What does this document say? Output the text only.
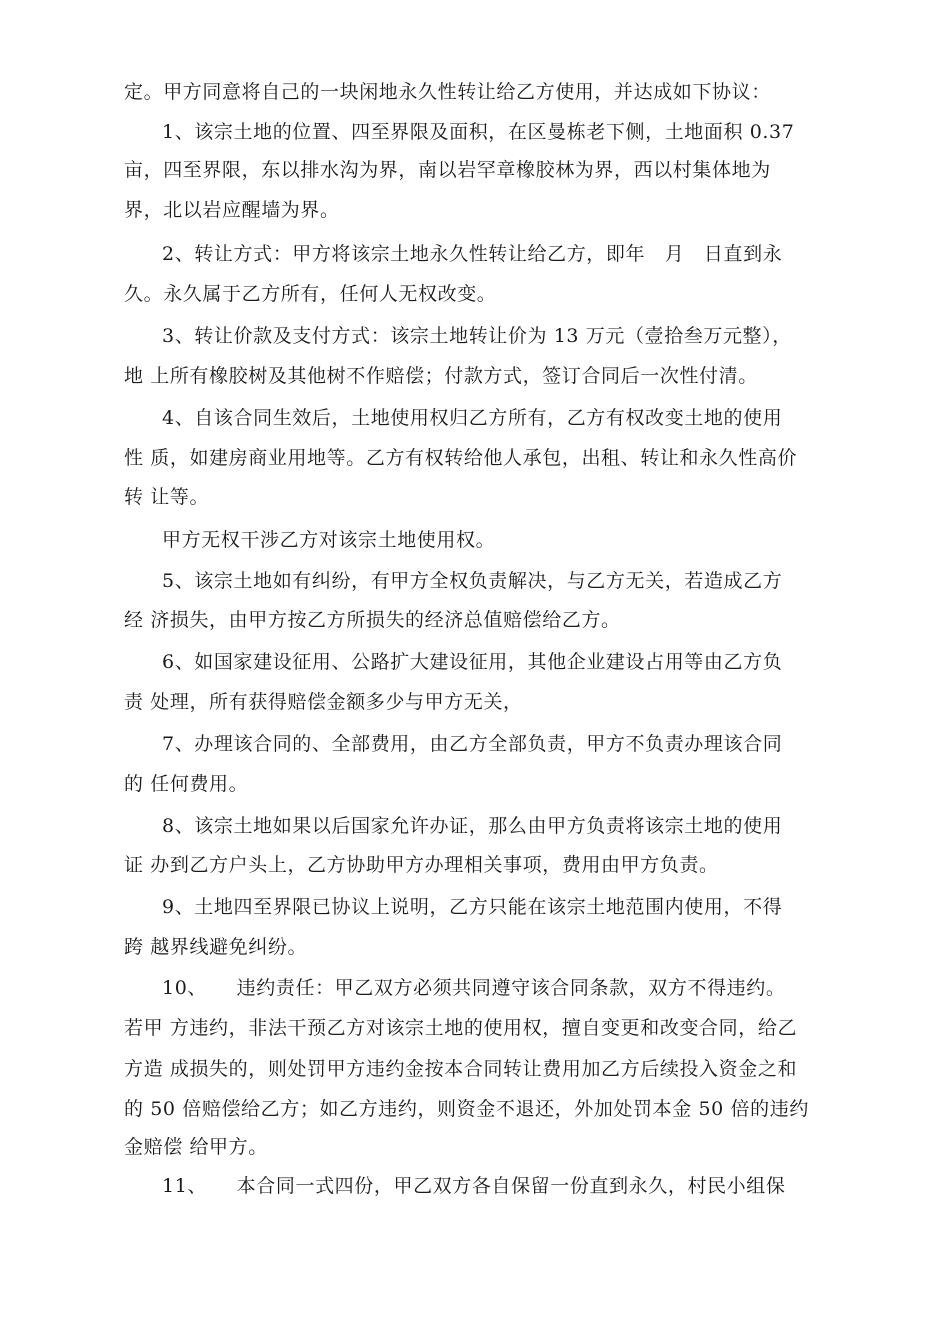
定。甲方同意将自己的一块闲地永久性转让给乙方使用，并达成如下协议：
1、该宗土地的位置、四至界限及面积，在区曼栋老下侧，土地面积 0.37
亩，四至界限，东以排水沟为界，南以岩罕章橡胶林为界，西以村集体地为
界，北以岩应醒墙为界。
2、转让方式：甲方将该宗土地永久性转让给乙方，即年　月　日直到永
久。永久属于乙方所有，任何人无权改变。
3、转让价款及支付方式：该宗土地转让价为 13 万元（壹拾叁万元整），
地 上所有橡胶树及其他树不作赔偿；付款方式，签订合同后一次性付清。
4、自该合同生效后，土地使用权归乙方所有，乙方有权改变土地的使用
性 质，如建房商业用地等。乙方有权转给他人承包，出租、转让和永久性高价
转 让等。
甲方无权干涉乙方对该宗土地使用权。
5、该宗土地如有纠纷，有甲方全权负责解决，与乙方无关，若造成乙方
经 济损失，由甲方按乙方所损失的经济总值赔偿给乙方。
6、如国家建设征用、公路扩大建设征用，其他企业建设占用等由乙方负
责 处理，所有获得赔偿金额多少与甲方无关，
7、办理该合同的、全部费用，由乙方全部负责，甲方不负责办理该合同
的 任何费用。
8、该宗土地如果以后国家允许办证，那么由甲方负责将该宗土地的使用
证 办到乙方户头上，乙方协助甲方办理相关事项，费用由甲方负责。
9、土地四至界限已协议上说明，乙方只能在该宗土地范围内使用，不得
跨 越界线避免纠纷。
10、　　违约责任：甲乙双方必须共同遵守该合同条款，双方不得违约。
若甲 方违约，非法干预乙方对该宗土地的使用权，擅自变更和改变合同，给乙
方造 成损失的，则处罚甲方违约金按本合同转让费用加乙方后续投入资金之和
的 50 倍赔偿给乙方；如乙方违约，则资金不退还，外加处罚本金 50 倍的违约
金赔偿 给甲方。
11、　　本合同一式四份，甲乙双方各自保留一份直到永久，村民小组保
